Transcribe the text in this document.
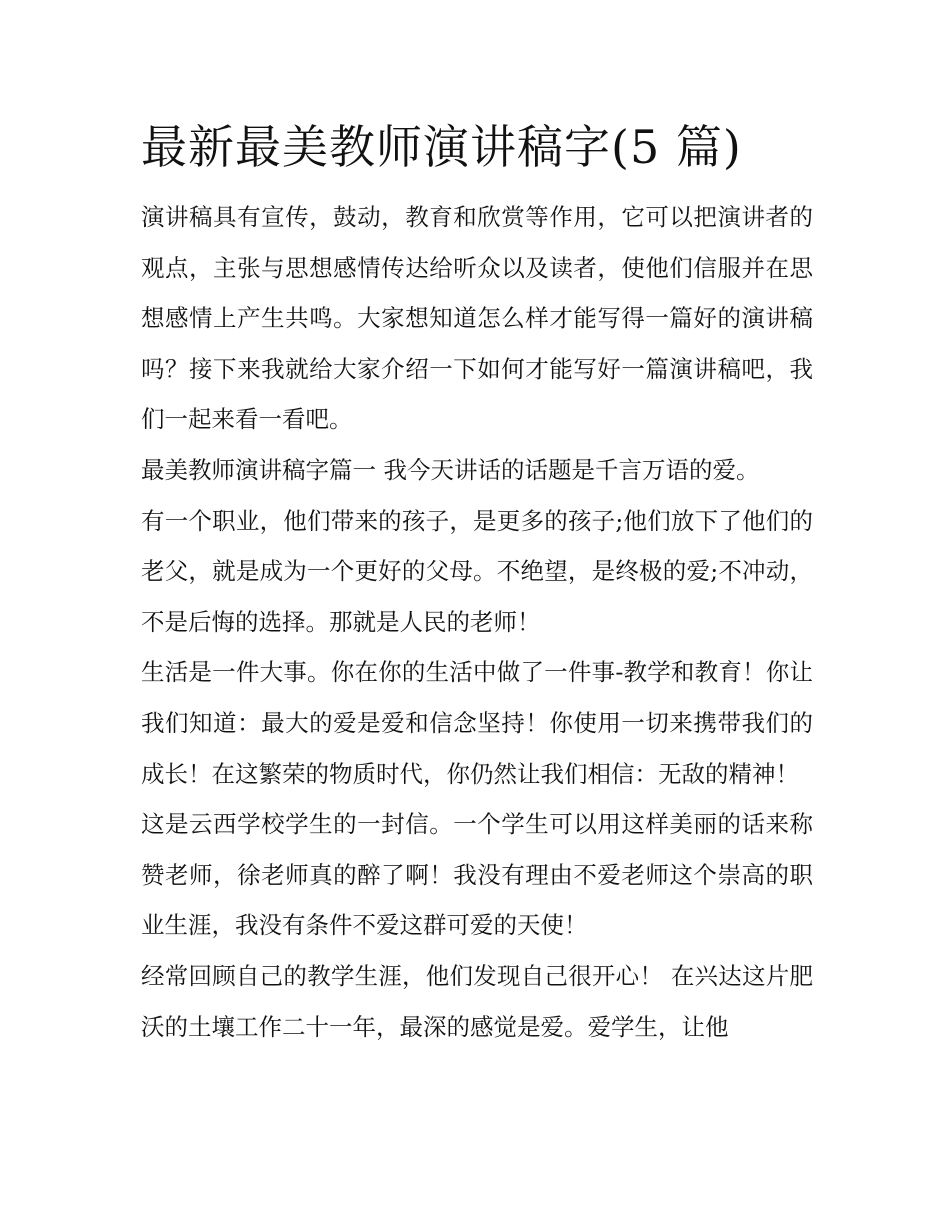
最新最美教师演讲稿字(5 篇)

演讲稿具有宣传，鼓动，教育和欣赏等作用，它可以把演讲者的观点，主张与思想感情传达给听众以及读者，使他们信服并在思想感情上产生共鸣。大家想知道怎么样才能写得一篇好的演讲稿吗？接下来我就给大家介绍一下如何才能写好一篇演讲稿吧，我们一起来看一看吧。

最美教师演讲稿字篇一 我今天讲话的话题是千言万语的爱。

有一个职业，他们带来的孩子，是更多的孩子;他们放下了他们的老父，就是成为一个更好的父母。不绝望，是终极的爱;不冲动，不是后悔的选择。那就是人民的老师！

生活是一件大事。你在你的生活中做了一件事-教学和教育！你让我们知道：最大的爱是爱和信念坚持！你使用一切来携带我们的成长！在这繁荣的物质时代，你仍然让我们相信：无敌的精神！

这是云西学校学生的一封信。一个学生可以用这样美丽的话来称赞老师，徐老师真的醉了啊！我没有理由不爱老师这个崇高的职业生涯，我没有条件不爱这群可爱的天使！

经常回顾自己的教学生涯，他们发现自己很开心！ 在兴达这片肥沃的土壤工作二十一年，最深的感觉是爱。爱学生，让他
